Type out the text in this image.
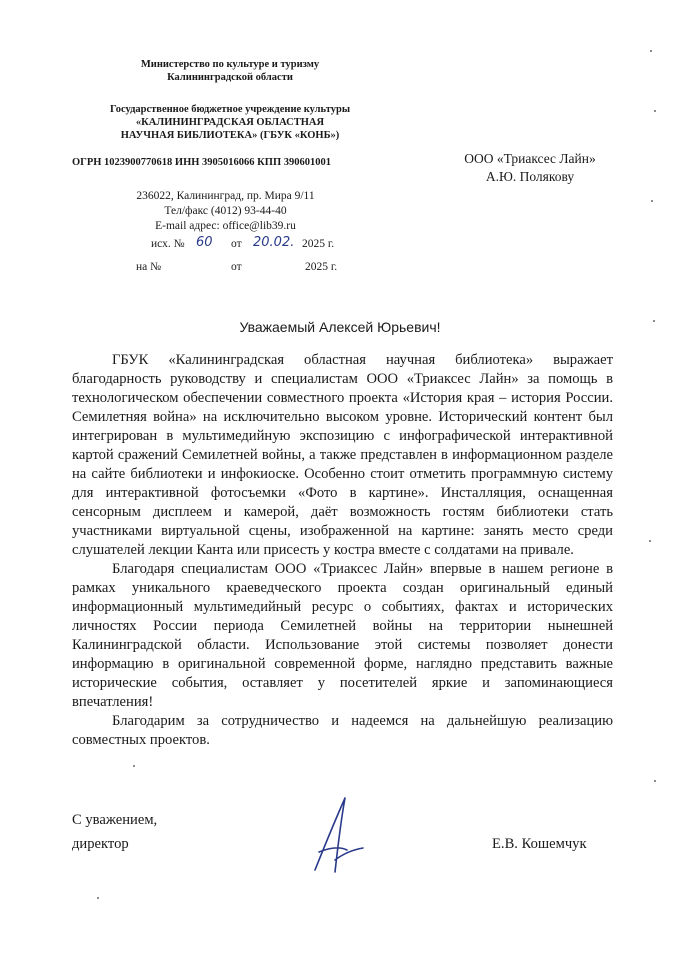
Министерство по культуре и туризму
Калининградской области
Государственное бюджетное учреждение культуры
«КАЛИНИНГРАДСКАЯ ОБЛАСТНАЯ
НАУЧНАЯ БИБЛИОТЕКА» (ГБУК «КОНБ»)
ОГРН 1023900770618 ИНН 3905016066 КПП 390601001
236022, Калининград, пр. Мира 9/11
Тел/факс (4012) 93-44-40
E-mail адрес: office@lib39.ru
исх. № 60 от 20.02. 2025 г.
на №	от	2025 г.
ООО «Триаксес Лайн»
А.Ю. Полякову
Уважаемый Алексей Юрьевич!

ГБУК «Калининградская областная научная библиотека» выражает благодарность руководству и специалистам ООО «Триаксес Лайн» за помощь в технологическом обеспечении совместного проекта «История края – история России. Семилетняя война» на исключительно высоком уровне. Исторический контент был интегрирован в мультимедийную экспозицию с инфографической интерактивной картой сражений Семилетней войны, а также представлен в информационном разделе на сайте библиотеки и инфокиоске. Особенно стоит отметить программную систему для интерактивной фотосъемки «Фото в картине». Инсталляция, оснащенная сенсорным дисплеем и камерой, даёт возможность гостям библиотеки стать участниками виртуальной сцены, изображенной на картине: занять место среди слушателей лекции Канта или присесть у костра вместе с солдатами на привале.

Благодаря специалистам ООО «Триаксес Лайн» впервые в нашем регионе в рамках уникального краеведческого проекта создан оригинальный единый информационный мультимедийный ресурс о событиях, фактах и исторических личностях России периода Семилетней войны на территории нынешней Калининградской области. Использование этой системы позволяет донести информацию в оригинальной современной форме, наглядно представить важные исторические события, оставляет у посетителей яркие и запоминающиеся впечатления!

Благодарим за сотрудничество и надеемся на дальнейшую реализацию совместных проектов.

С уважением,
директор	Е.В. Кошемчук
